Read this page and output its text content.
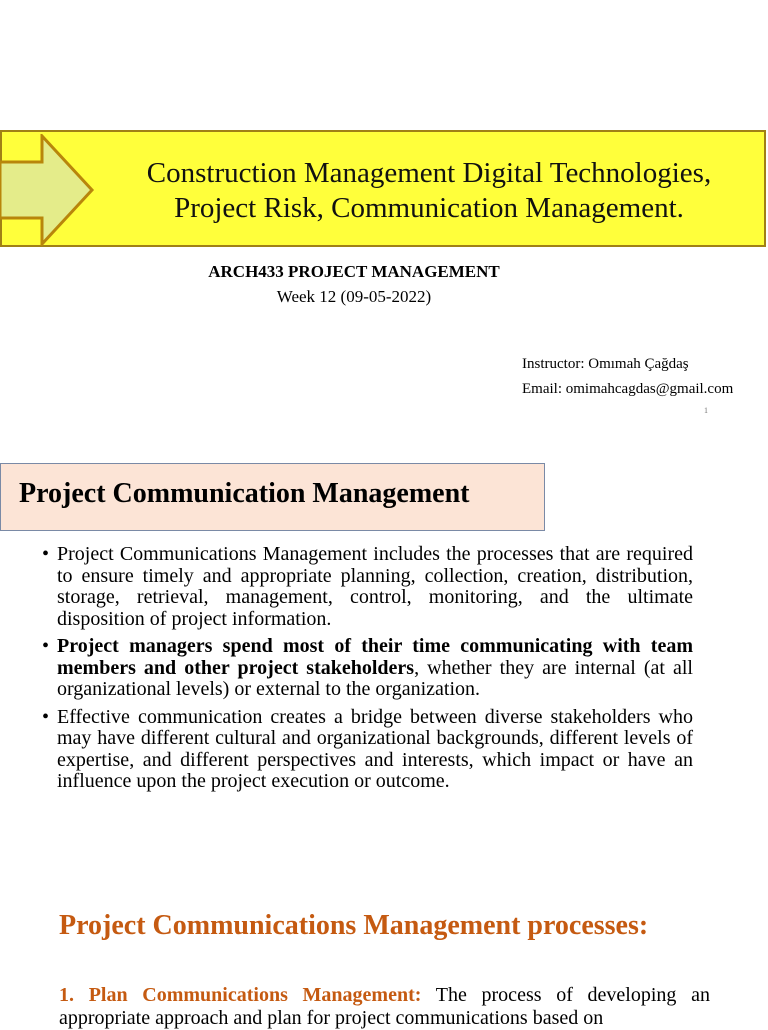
Construction Management Digital Technologies,
Project Risk, Communication Management.
ARCH433 PROJECT MANAGEMENT
Week 12 (09-05-2022)
Instructor: Omımah Çağdaş
Email: omimahcagdas@gmail.com
1
Project Communication Management
• Project Communications Management includes the processes that are required to ensure timely and appropriate planning, collection, creation, distribution, storage, retrieval, management, control, monitoring, and the ultimate disposition of project information.
• Project managers spend most of their time communicating with team members and other project stakeholders, whether they are internal (at all organizational levels) or external to the organization.
• Effective communication creates a bridge between diverse stakeholders who may have different cultural and organizational backgrounds, different levels of expertise, and different perspectives and interests, which impact or have an influence upon the project execution or outcome.
Project Communications Management processes:
1. Plan Communications Management: The process of developing an appropriate approach and plan for project communications based on
